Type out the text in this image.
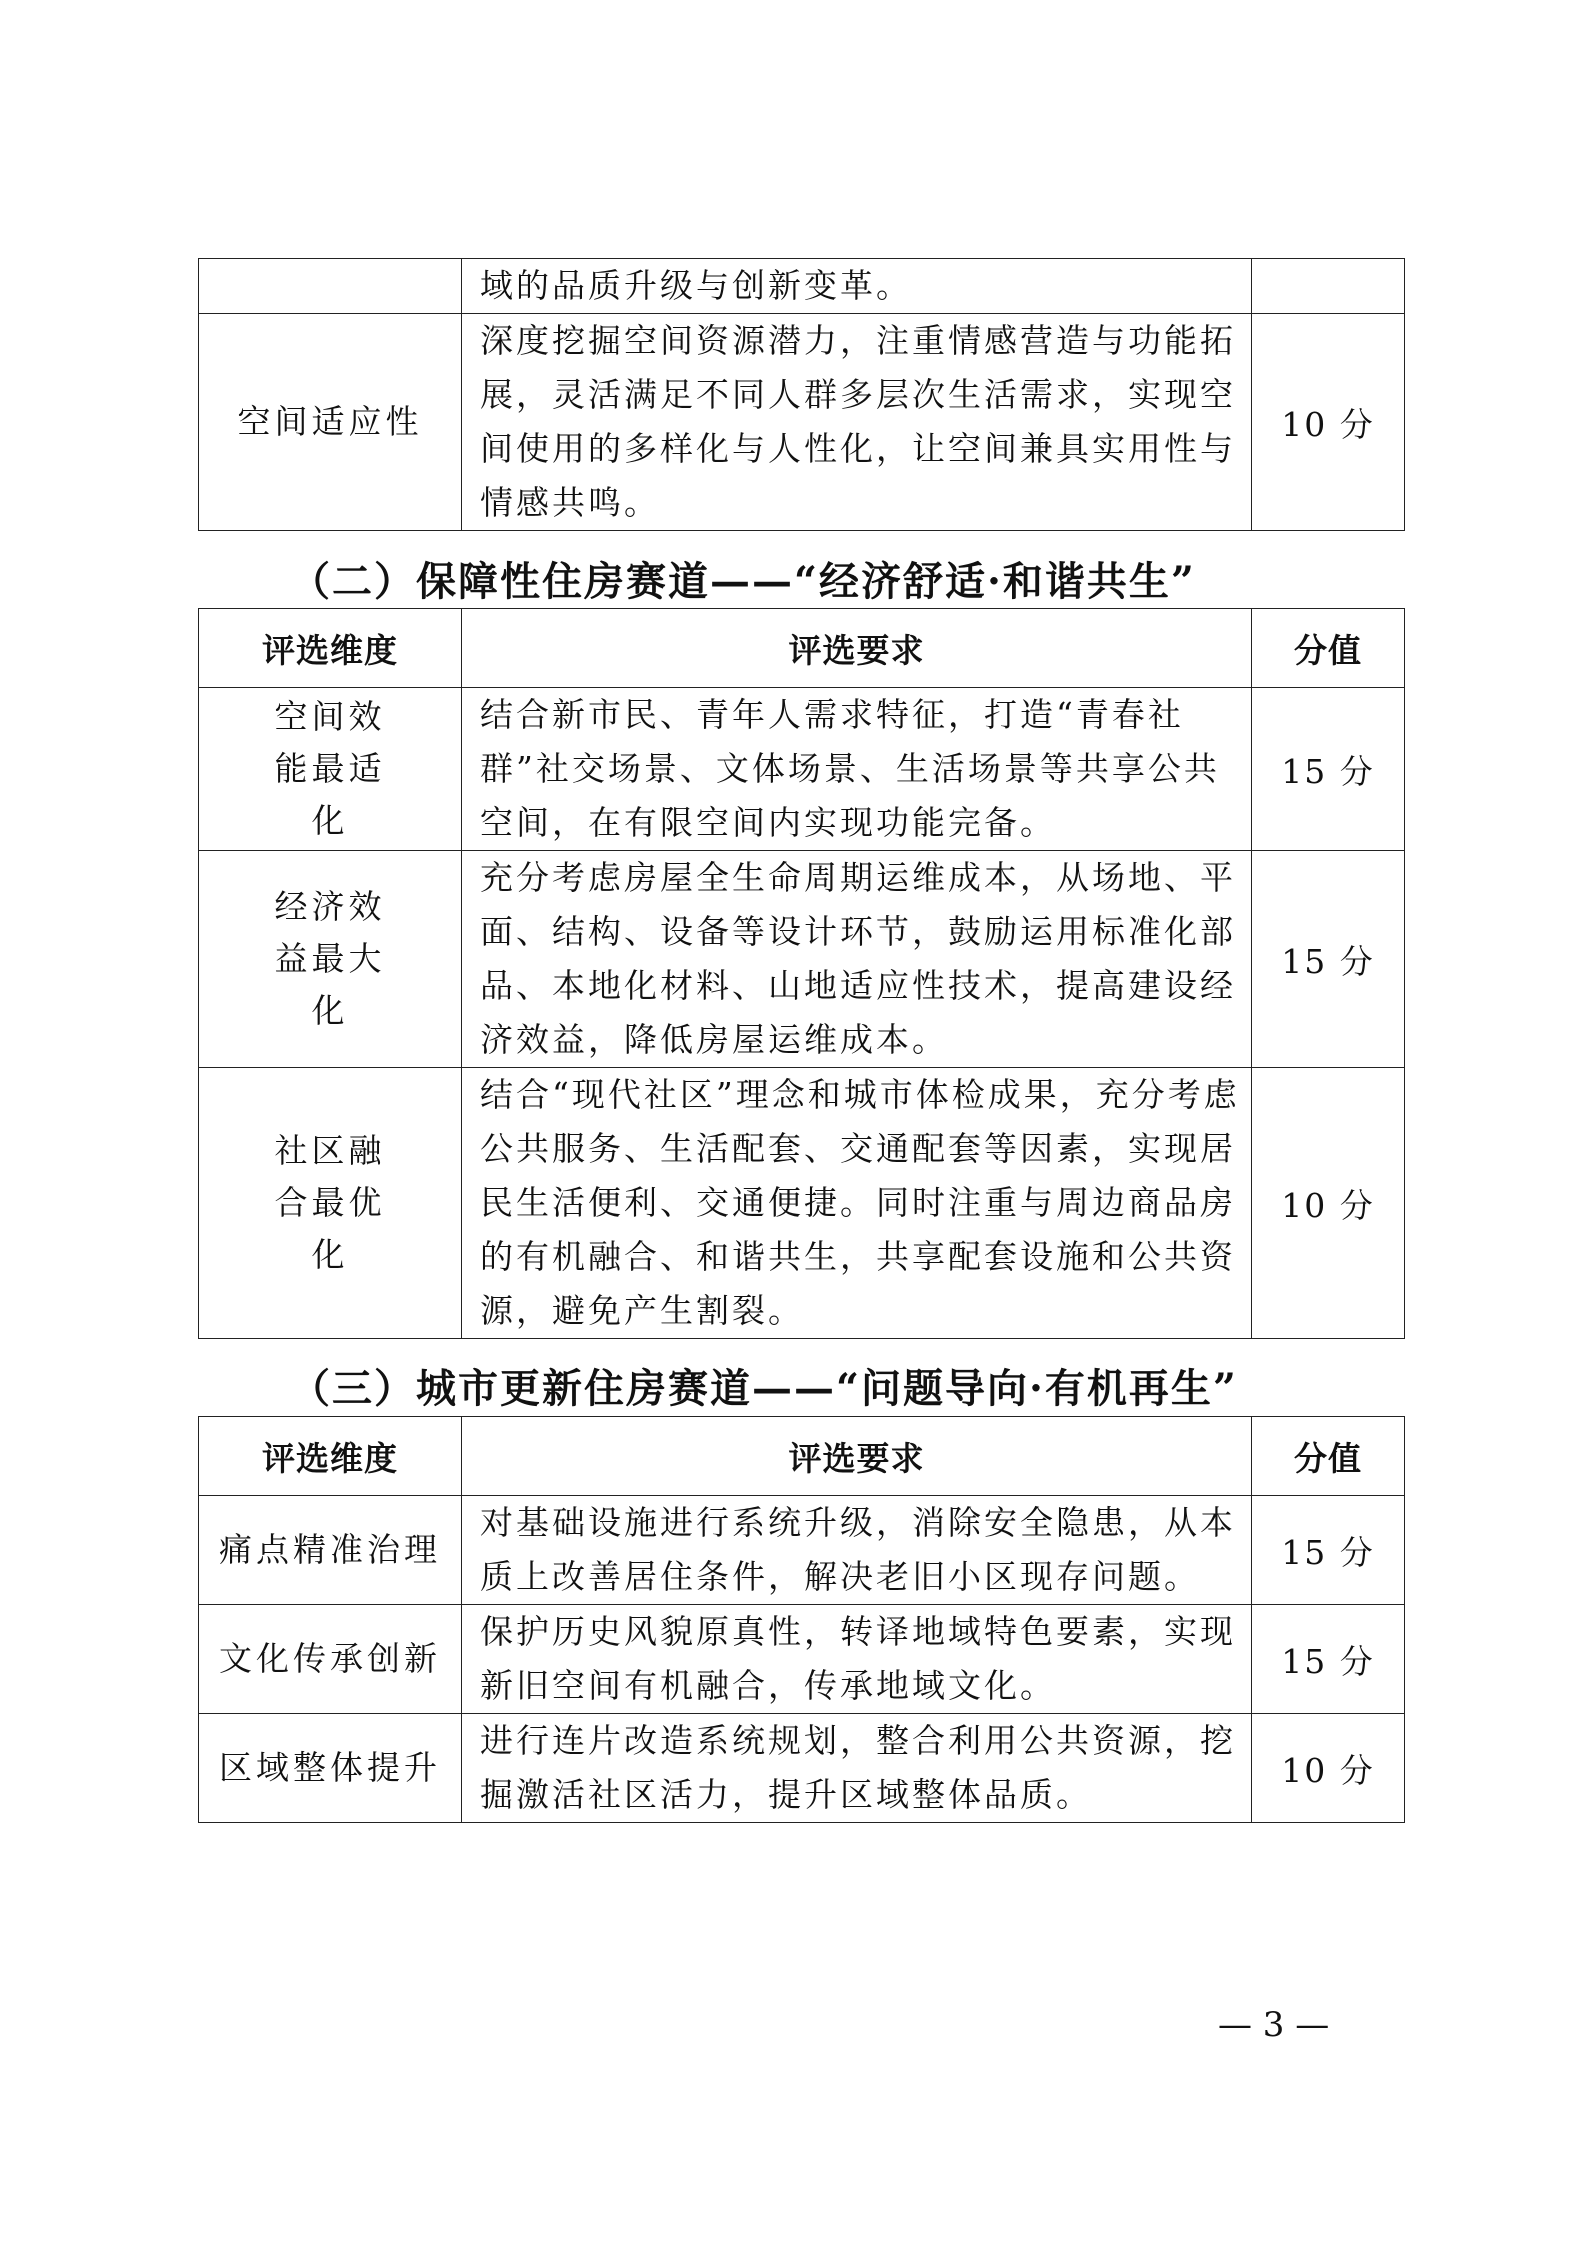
	域的品质升级与创新变革。	
空间适应性	深度挖掘空间资源潜力，注重情感营造与功能拓展，灵活满足不同人群多层次生活需求，实现空间使用的多样化与人性化，让空间兼具实用性与情感共鸣。	10 分
（二）保障性住房赛道——“经济舒适·和谐共生”
评选维度	评选要求	分值
空间效能最适化	结合新市民、青年人需求特征，打造“青春社群”社交场景、文体场景、生活场景等共享公共空间，在有限空间内实现功能完备。	15 分
经济效益最大化	充分考虑房屋全生命周期运维成本，从场地、平面、结构、设备等设计环节，鼓励运用标准化部品、本地化材料、山地适应性技术，提高建设经济效益，降低房屋运维成本。	15 分
社区融合最优化	结合“现代社区”理念和城市体检成果，充分考虑公共服务、生活配套、交通配套等因素，实现居民生活便利、交通便捷。同时注重与周边商品房的有机融合、和谐共生，共享配套设施和公共资源，避免产生割裂。	10 分
（三）城市更新住房赛道——“问题导向·有机再生”
评选维度	评选要求	分值
痛点精准治理	对基础设施进行系统升级，消除安全隐患，从本质上改善居住条件，解决老旧小区现存问题。	15 分
文化传承创新	保护历史风貌原真性，转译地域特色要素，实现新旧空间有机融合，传承地域文化。	15 分
区域整体提升	进行连片改造系统规划，整合利用公共资源，挖掘激活社区活力，提升区域整体品质。	10 分
— 3 —
